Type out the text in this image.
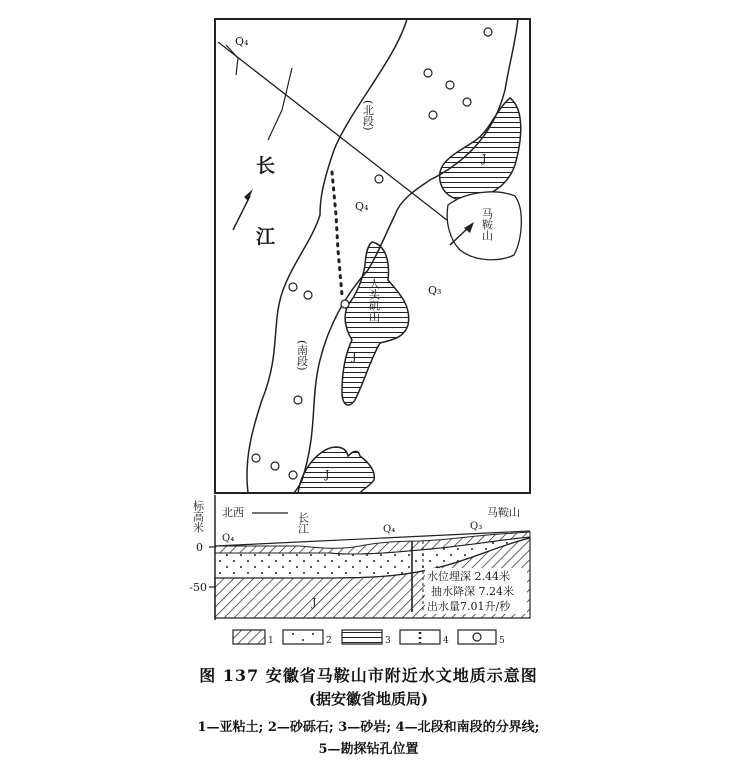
Q₄
长
江
(北段)
(南段)
Q₄
Q₃
马鞍山
人头矶山
J
J
J
标高米
0
-50
北西	长江	马鞍山
Q₄
Q₄	Q₃
J
水位埋深 2.44米
抽水降深 7.24米
出水量7.01升/秒
1	2	3	4	5
图 137 安徽省马鞍山市附近水文地质示意图
(据安徽省地质局)
1—亚粘土; 2—砂砾石; 3—砂岩; 4—北段和南段的分界线;
5—勘探钻孔位置
